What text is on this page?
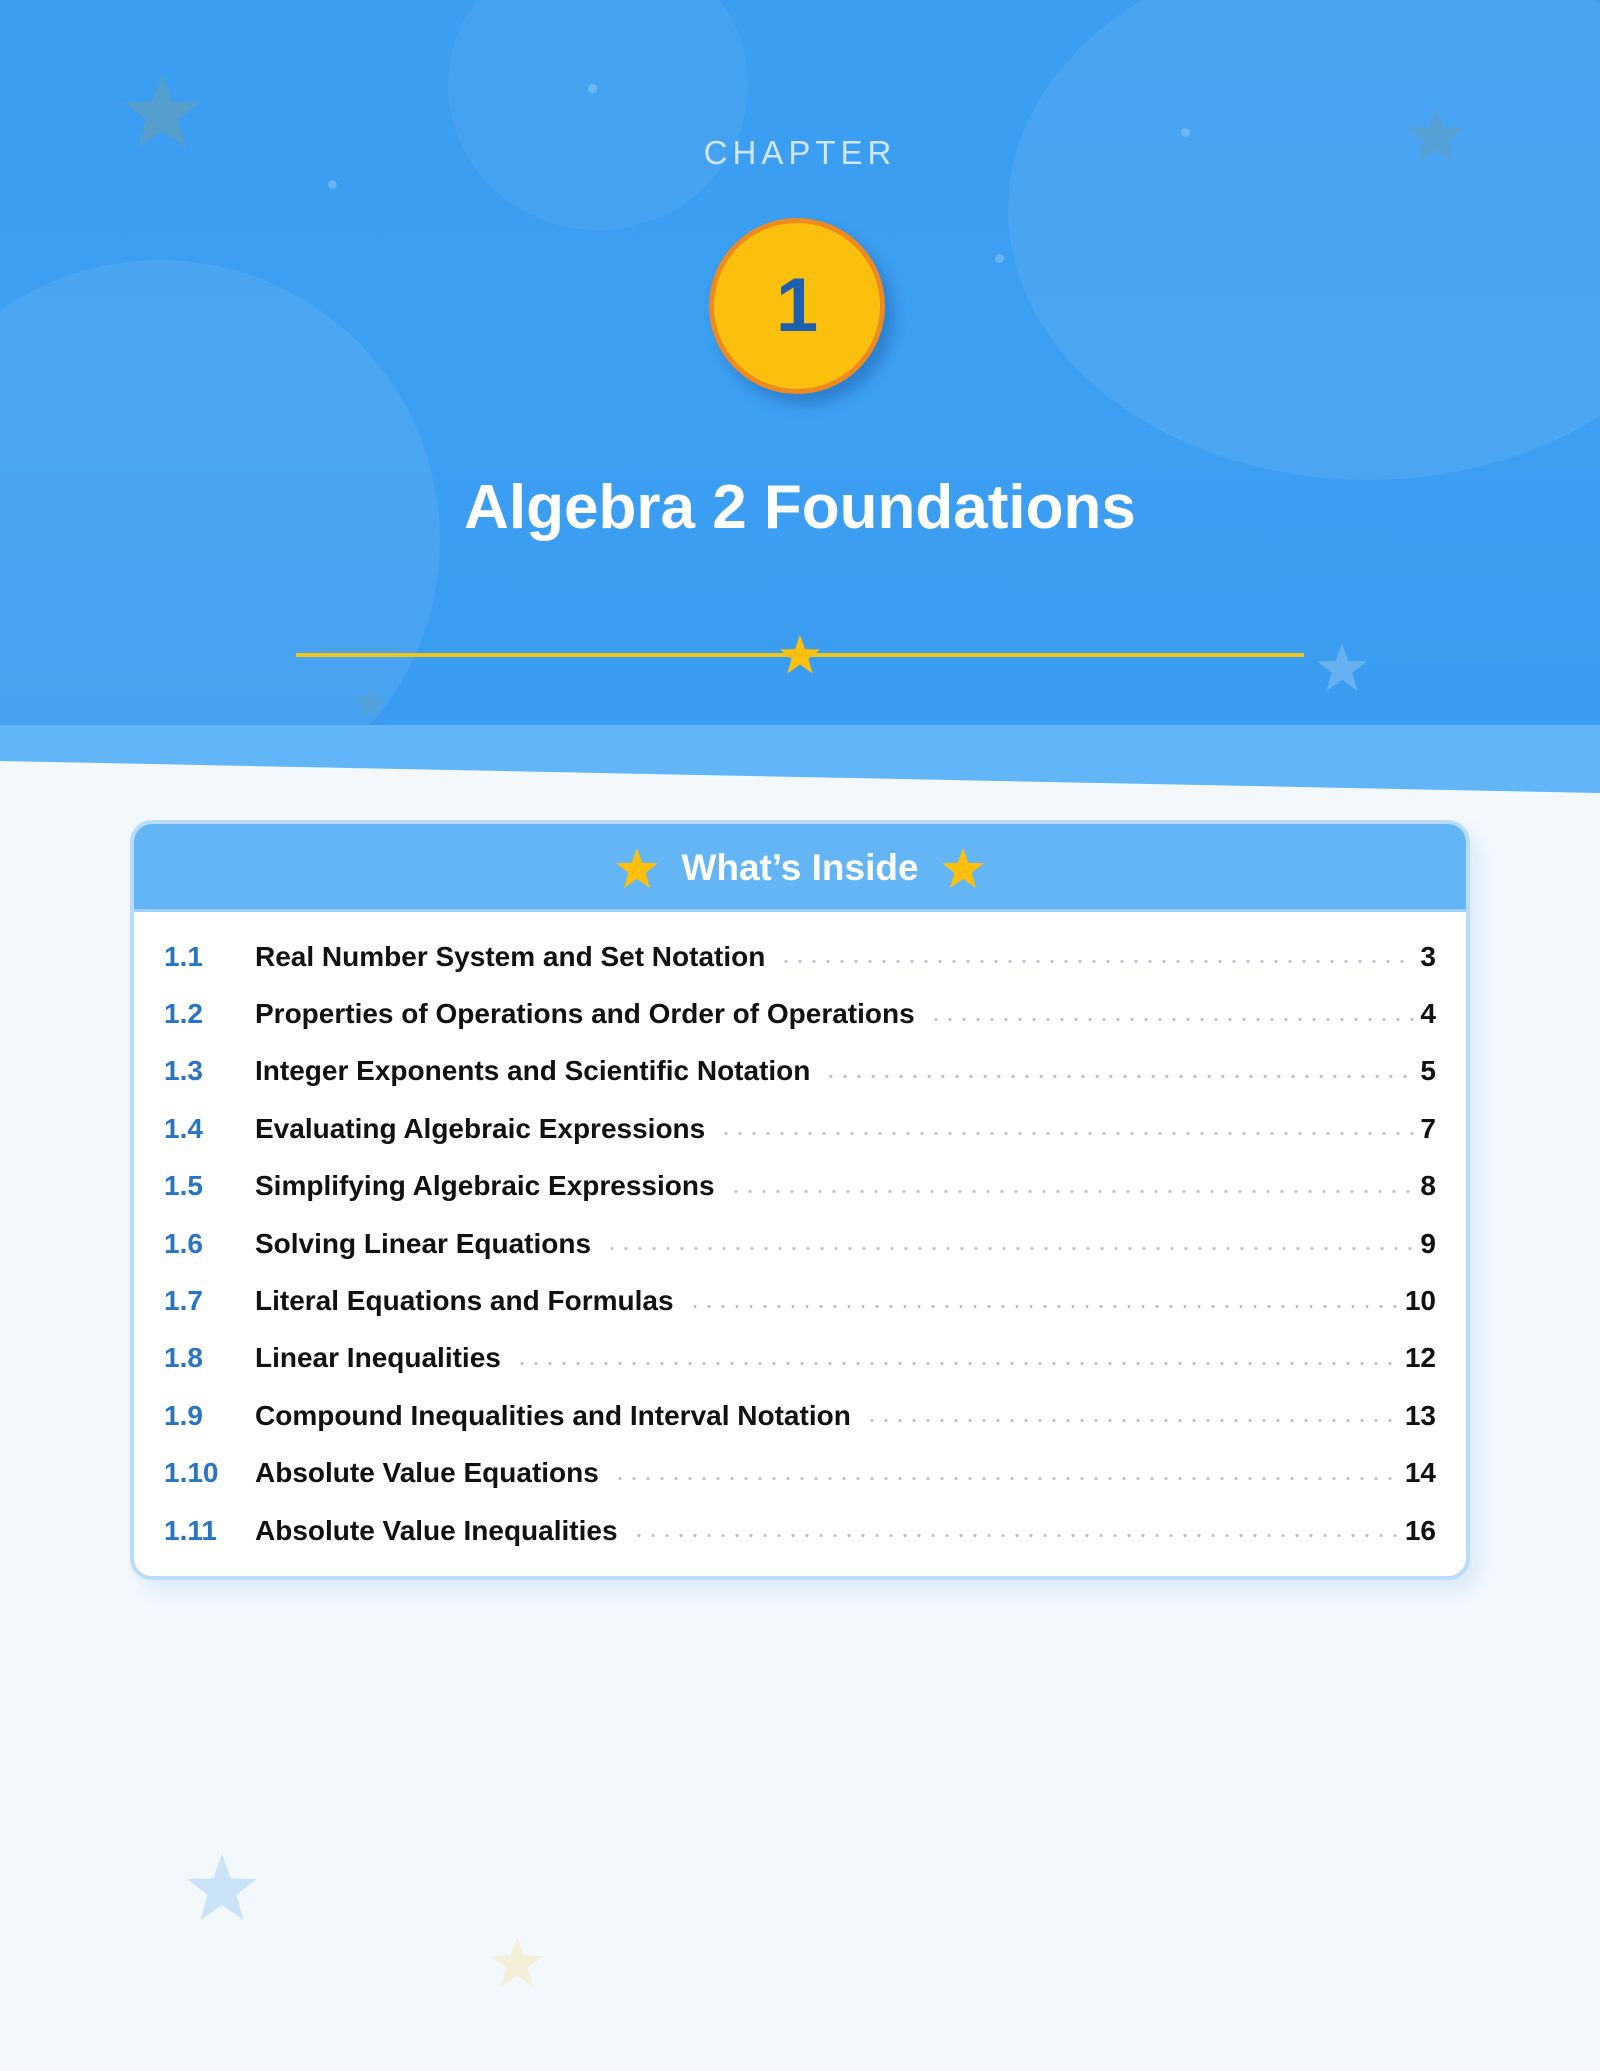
CHAPTER
1
Algebra 2 Foundations
What’s Inside
1.1	Real Number System and Set Notation	3
1.2	Properties of Operations and Order of Operations	4
1.3	Integer Exponents and Scientific Notation	5
1.4	Evaluating Algebraic Expressions	7
1.5	Simplifying Algebraic Expressions	8
1.6	Solving Linear Equations	9
1.7	Literal Equations and Formulas	10
1.8	Linear Inequalities	12
1.9	Compound Inequalities and Interval Notation	13
1.10	Absolute Value Equations	14
1.11	Absolute Value Inequalities	16
